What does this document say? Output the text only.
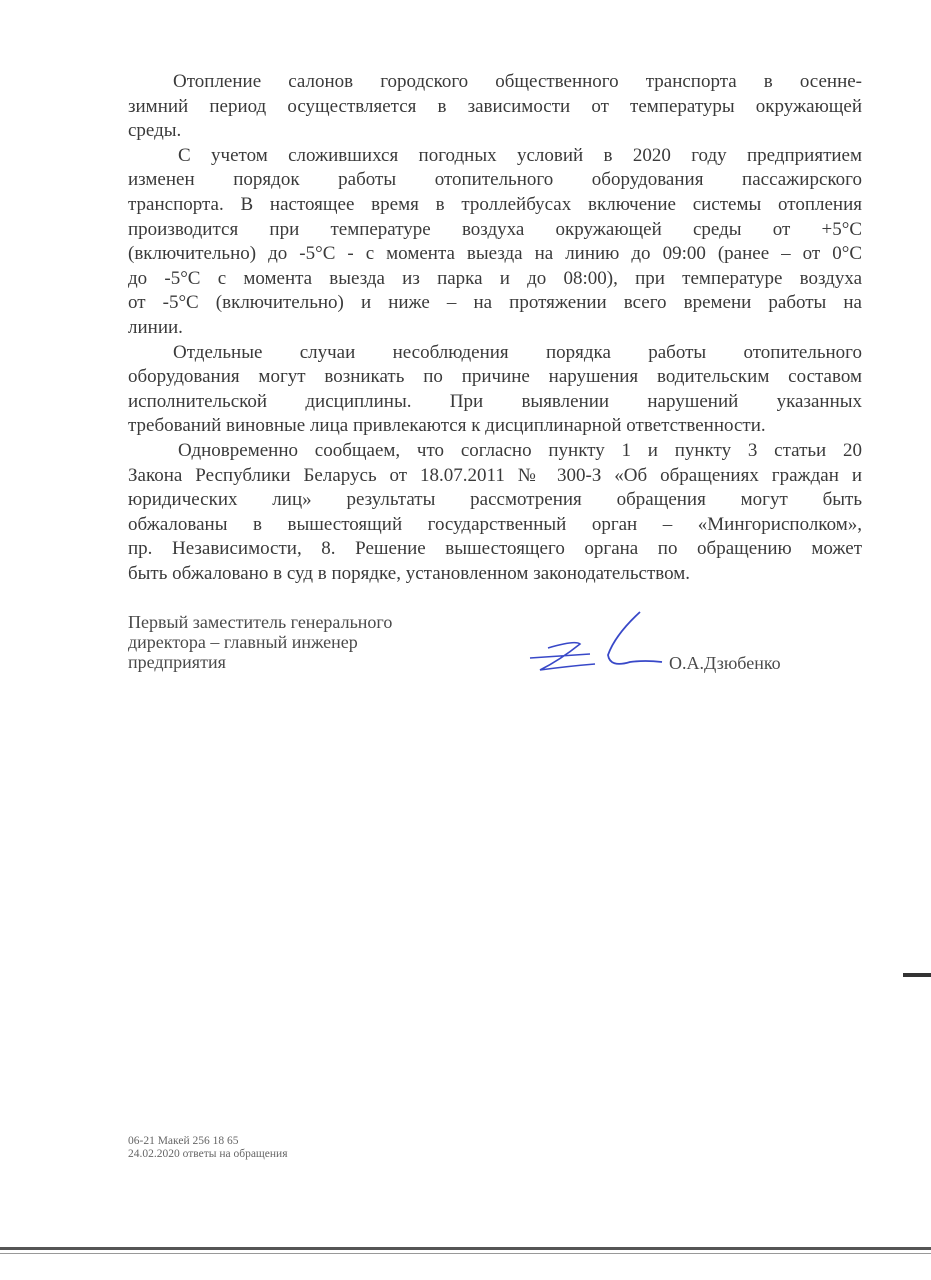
Отопление салонов городского общественного транспорта в осенне-
зимний период осуществляется в зависимости от температуры окружающей
среды.
С учетом сложившихся погодных условий в 2020 году предприятием
изменен порядок работы отопительного оборудования пассажирского
транспорта. В настоящее время в троллейбусах включение системы отопления
производится при температуре воздуха окружающей среды от +5°С
(включительно) до -5°С - с момента выезда на линию до 09:00 (ранее – от 0°С
до -5°С с момента выезда из парка и до 08:00), при температуре воздуха
от -5°С (включительно) и ниже – на протяжении всего времени работы на
линии.
Отдельные случаи несоблюдения порядка работы отопительного
оборудования могут возникать по причине нарушения водительским составом
исполнительской дисциплины. При выявлении нарушений указанных
требований виновные лица привлекаются к дисциплинарной ответственности.
Одновременно сообщаем, что согласно пункту 1 и пункту 3 статьи 20
Закона Республики Беларусь от 18.07.2011 № 300-З «Об обращениях граждан и
юридических лиц» результаты рассмотрения обращения могут быть
обжалованы в вышестоящий государственный орган – «Мингорисполком»,
пр. Независимости, 8. Решение вышестоящего органа по обращению может
быть обжаловано в суд в порядке, установленном законодательством.
Первый заместитель генерального
директора – главный инженер
предприятия	О.А.Дзюбенко
06-21 Макей 256 18 65
24.02.2020 ответы на обращения
